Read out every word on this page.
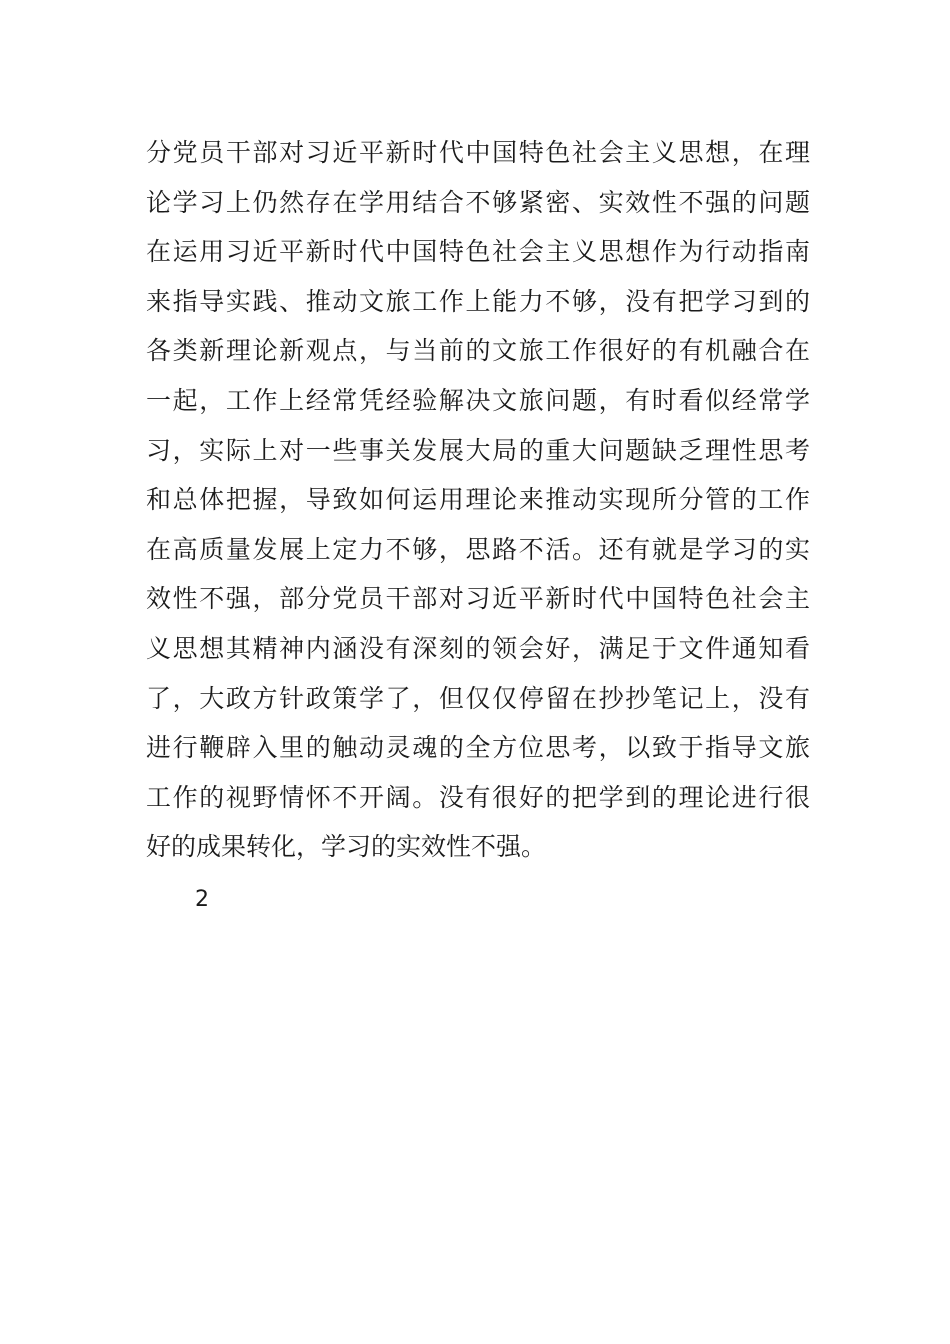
分党员干部对习近平新时代中国特色社会主义思想，在理
论学习上仍然存在学用结合不够紧密、实效性不强的问题
在运用习近平新时代中国特色社会主义思想作为行动指南
来指导实践、推动文旅工作上能力不够，没有把学习到的
各类新理论新观点，与当前的文旅工作很好的有机融合在
一起，工作上经常凭经验解决文旅问题，有时看似经常学
习，实际上对一些事关发展大局的重大问题缺乏理性思考
和总体把握，导致如何运用理论来推动实现所分管的工作
在高质量发展上定力不够，思路不活。还有就是学习的实
效性不强，部分党员干部对习近平新时代中国特色社会主
义思想其精神内涵没有深刻的领会好，满足于文件通知看
了，大政方针政策学了，但仅仅停留在抄抄笔记上，没有
进行鞭辟入里的触动灵魂的全方位思考，以致于指导文旅
工作的视野情怀不开阔。没有很好的把学到的理论进行很
好的成果转化，学习的实效性不强。
2
